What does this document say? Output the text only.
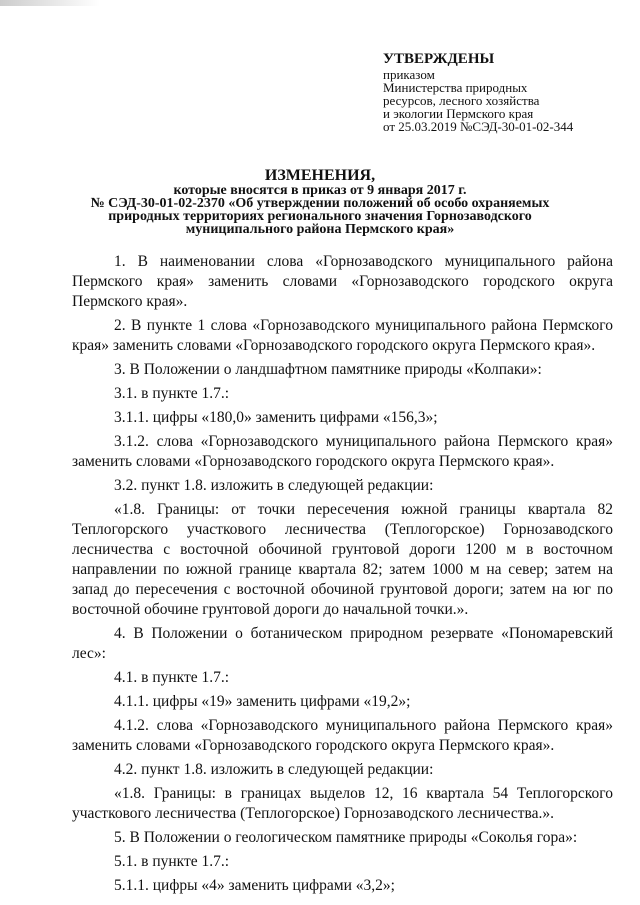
УТВЕРЖДЕНЫ
приказом
Министерства природных
ресурсов, лесного хозяйства
и экологии Пермского края
от 25.03.2019 №СЭД-30-01-02-344
ИЗМЕНЕНИЯ,
которые вносятся в приказ от 9 января 2017 г.
№ СЭД-30-01-02-2370 «Об утверждении положений об особо охраняемых
природных территориях регионального значения Горнозаводского
муниципального района Пермского края»

1. В наименовании слова «Горнозаводского муниципального района Пермского края» заменить словами «Горнозаводского городского округа Пермского края».

2. В пункте 1 слова «Горнозаводского муниципального района Пермского края» заменить словами «Горнозаводского городского округа Пермского края».

3. В Положении о ландшафтном памятнике природы «Колпаки»:

3.1. в пункте 1.7.:

3.1.1. цифры «180,0» заменить цифрами «156,3»;

3.1.2. слова «Горнозаводского муниципального района Пермского края» заменить словами «Горнозаводского городского округа Пермского края».

3.2. пункт 1.8. изложить в следующей редакции:

«1.8. Границы: от точки пересечения южной границы квартала 82 Теплогорского участкового лесничества (Теплогорское) Горнозаводского лесничества с восточной обочиной грунтовой дороги 1200 м в восточном направлении по южной границе квартала 82; затем 1000 м на север; затем на запад до пересечения с восточной обочиной грунтовой дороги; затем на юг по восточной обочине грунтовой дороги до начальной точки.».

4. В Положении о ботаническом природном резервате «Пономаревский лес»:

4.1. в пункте 1.7.:

4.1.1. цифры «19» заменить цифрами «19,2»;

4.1.2. слова «Горнозаводского муниципального района Пермского края» заменить словами «Горнозаводского городского округа Пермского края».

4.2. пункт 1.8. изложить в следующей редакции:

«1.8. Границы: в границах выделов 12, 16 квартала 54 Теплогорского участкового лесничества (Теплогорское) Горнозаводского лесничества.».

5. В Положении о геологическом памятнике природы «Соколья гора»:

5.1. в пункте 1.7.:

5.1.1. цифры «4» заменить цифрами «3,2»;
